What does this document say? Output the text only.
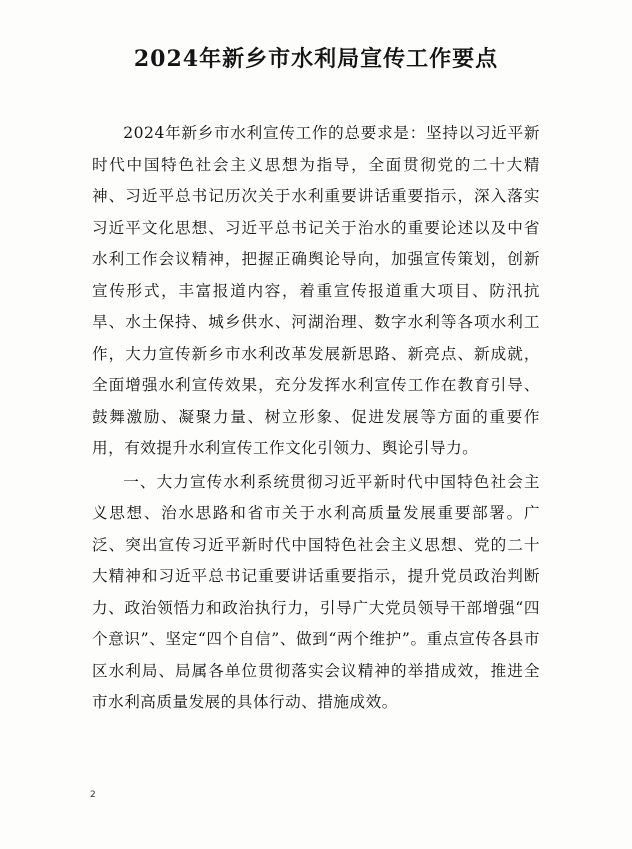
2024年新乡市水利局宣传工作要点

2024年新乡市水利宣传工作的总要求是：坚持以习近平新时代中国特色社会主义思想为指导，全面贯彻党的二十大精神、习近平总书记历次关于水利重要讲话重要指示，深入落实习近平文化思想、习近平总书记关于治水的重要论述以及中省水利工作会议精神，把握正确舆论导向，加强宣传策划，创新宣传形式，丰富报道内容，着重宣传报道重大项目、防汛抗旱、水土保持、城乡供水、河湖治理、数字水利等各项水利工作，大力宣传新乡市水利改革发展新思路、新亮点、新成就，全面增强水利宣传效果，充分发挥水利宣传工作在教育引导、鼓舞激励、凝聚力量、树立形象、促进发展等方面的重要作用，有效提升水利宣传工作文化引领力、舆论引导力。

一、大力宣传水利系统贯彻习近平新时代中国特色社会主义思想、治水思路和省市关于水利高质量发展重要部署。广泛、突出宣传习近平新时代中国特色社会主义思想、党的二十大精神和习近平总书记重要讲话重要指示，提升党员政治判断力、政治领悟力和政治执行力，引导广大党员领导干部增强“四个意识”、坚定“四个自信”、做到“两个维护”。重点宣传各县市区水利局、局属各单位贯彻落实会议精神的举措成效，推进全市水利高质量发展的具体行动、措施成效。

2
